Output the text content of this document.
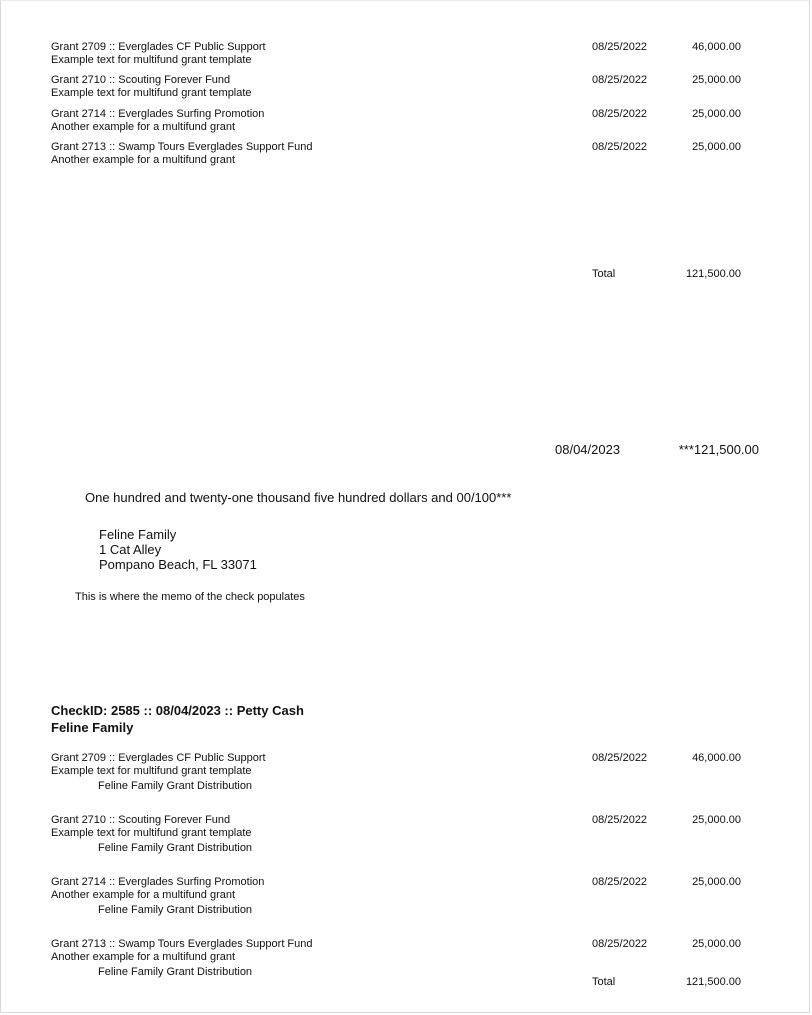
Grant 2709 :: Everglades CF Public Support
Example text for multifund grant template
08/25/2022	46,000.00
Grant 2710 :: Scouting Forever Fund
Example text for multifund grant template
08/25/2022	25,000.00
Grant 2714 :: Everglades Surfing Promotion
Another example for a multifund grant
08/25/2022	25,000.00
Grant 2713 :: Swamp Tours Everglades Support Fund
Another example for a multifund grant
08/25/2022	25,000.00
Total	121,500.00
08/04/2023	***121,500.00
One hundred and twenty-one thousand five hundred dollars and 00/100***
Feline Family
1 Cat Alley
Pompano Beach, FL 33071
This is where the memo of the check populates
CheckID: 2585 :: 08/04/2023 :: Petty Cash
Feline Family
Grant 2709 :: Everglades CF Public Support
Example text for multifund grant template
Feline Family Grant Distribution
08/25/2022	46,000.00
Grant 2710 :: Scouting Forever Fund
Example text for multifund grant template
Feline Family Grant Distribution
08/25/2022	25,000.00
Grant 2714 :: Everglades Surfing Promotion
Another example for a multifund grant
Feline Family Grant Distribution
08/25/2022	25,000.00
Grant 2713 :: Swamp Tours Everglades Support Fund
Another example for a multifund grant
Feline Family Grant Distribution
08/25/2022	25,000.00
Total	121,500.00
